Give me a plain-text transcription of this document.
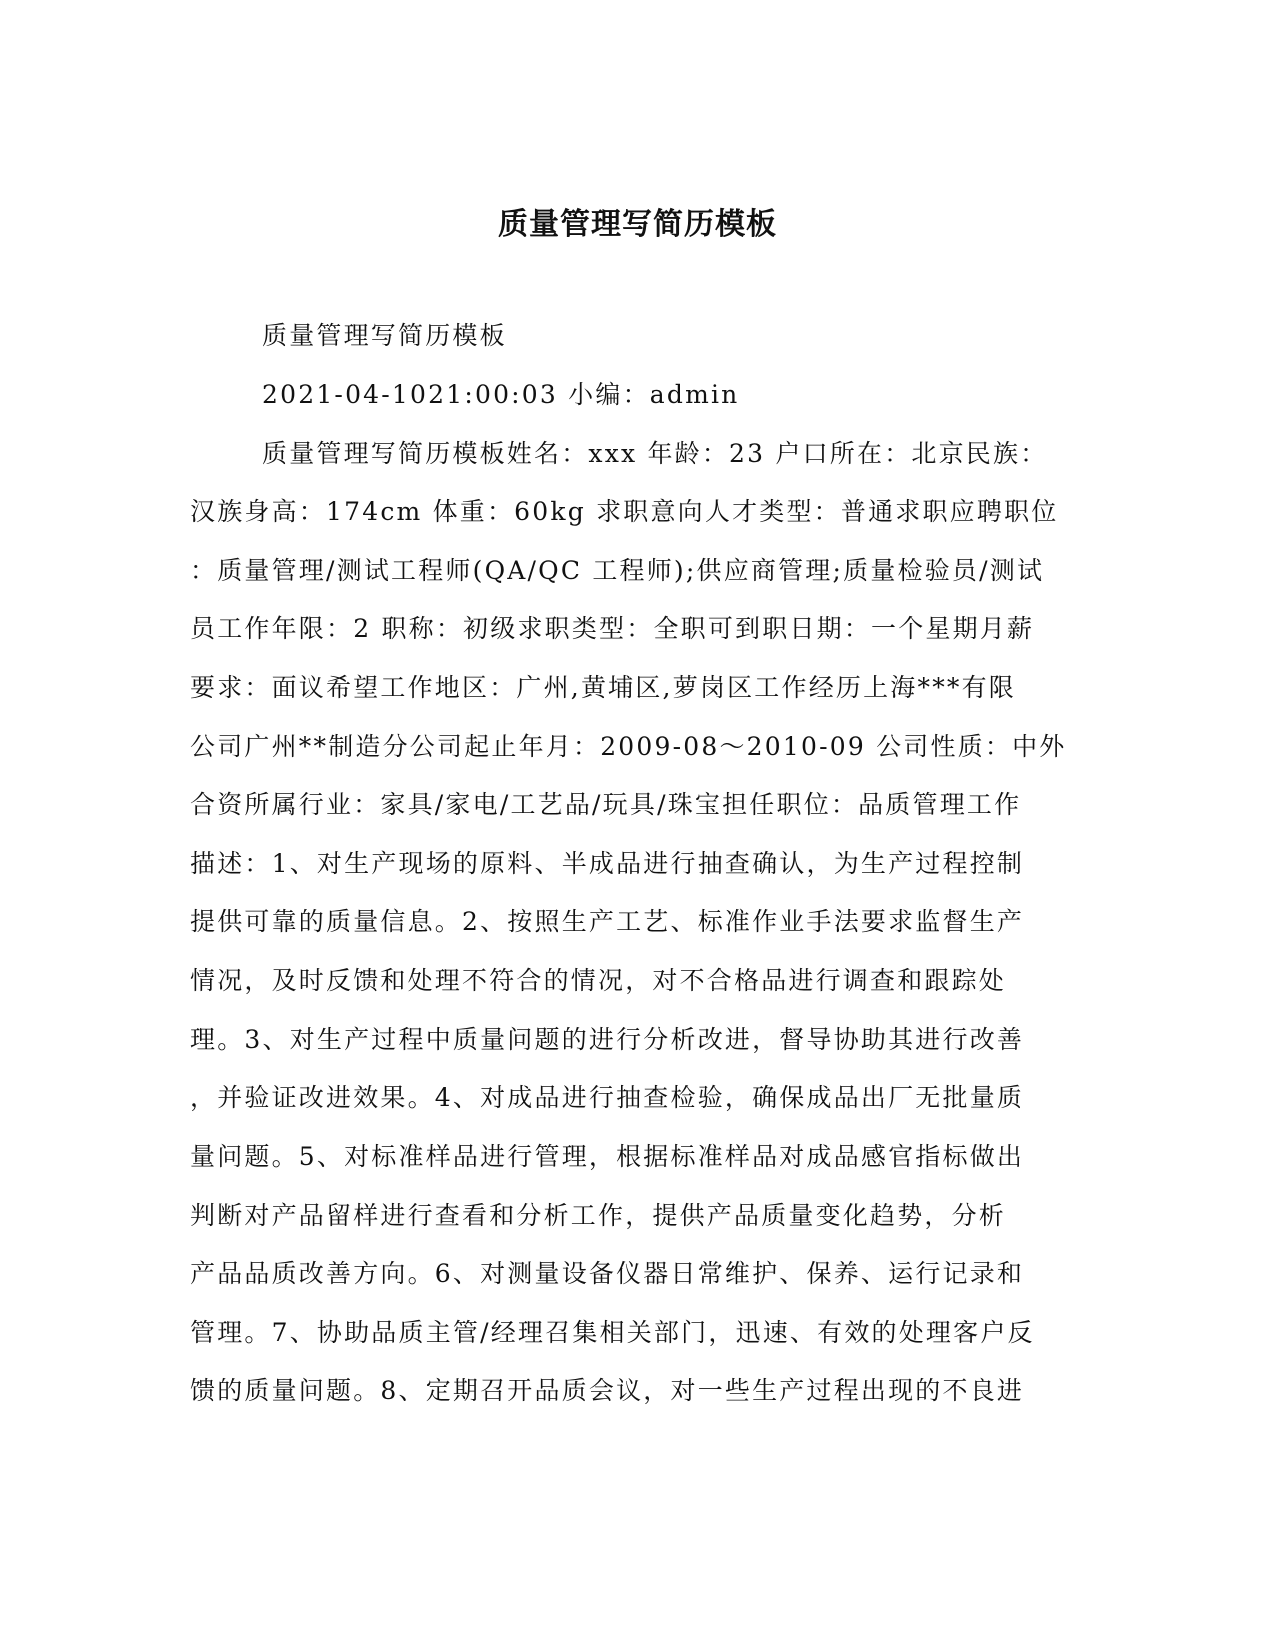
质量管理写简历模板
质量管理写简历模板
2021-04-1021:00:03 小编：admin
质量管理写简历模板姓名：xxx 年龄：23 户口所在：北京民族：
汉族身高：174cm 体重：60kg 求职意向人才类型：普通求职应聘职位
：质量管理/测试工程师(QA/QC 工程师);供应商管理;质量检验员/测试
员工作年限：2 职称：初级求职类型：全职可到职日期：一个星期月薪
要求：面议希望工作地区：广州,黄埔区,萝岗区工作经历上海***有限
公司广州**制造分公司起止年月：2009-08～2010-09 公司性质：中外
合资所属行业：家具/家电/工艺品/玩具/珠宝担任职位：品质管理工作
描述：1、对生产现场的原料、半成品进行抽查确认，为生产过程控制
提供可靠的质量信息。2、按照生产工艺、标准作业手法要求监督生产
情况，及时反馈和处理不符合的情况，对不合格品进行调查和跟踪处
理。3、对生产过程中质量问题的进行分析改进，督导协助其进行改善
，并验证改进效果。4、对成品进行抽查检验，确保成品出厂无批量质
量问题。5、对标准样品进行管理，根据标准样品对成品感官指标做出
判断对产品留样进行查看和分析工作，提供产品质量变化趋势，分析
产品品质改善方向。6、对测量设备仪器日常维护、保养、运行记录和
管理。7、协助品质主管/经理召集相关部门，迅速、有效的处理客户反
馈的质量问题。8、定期召开品质会议，对一些生产过程出现的不良进
